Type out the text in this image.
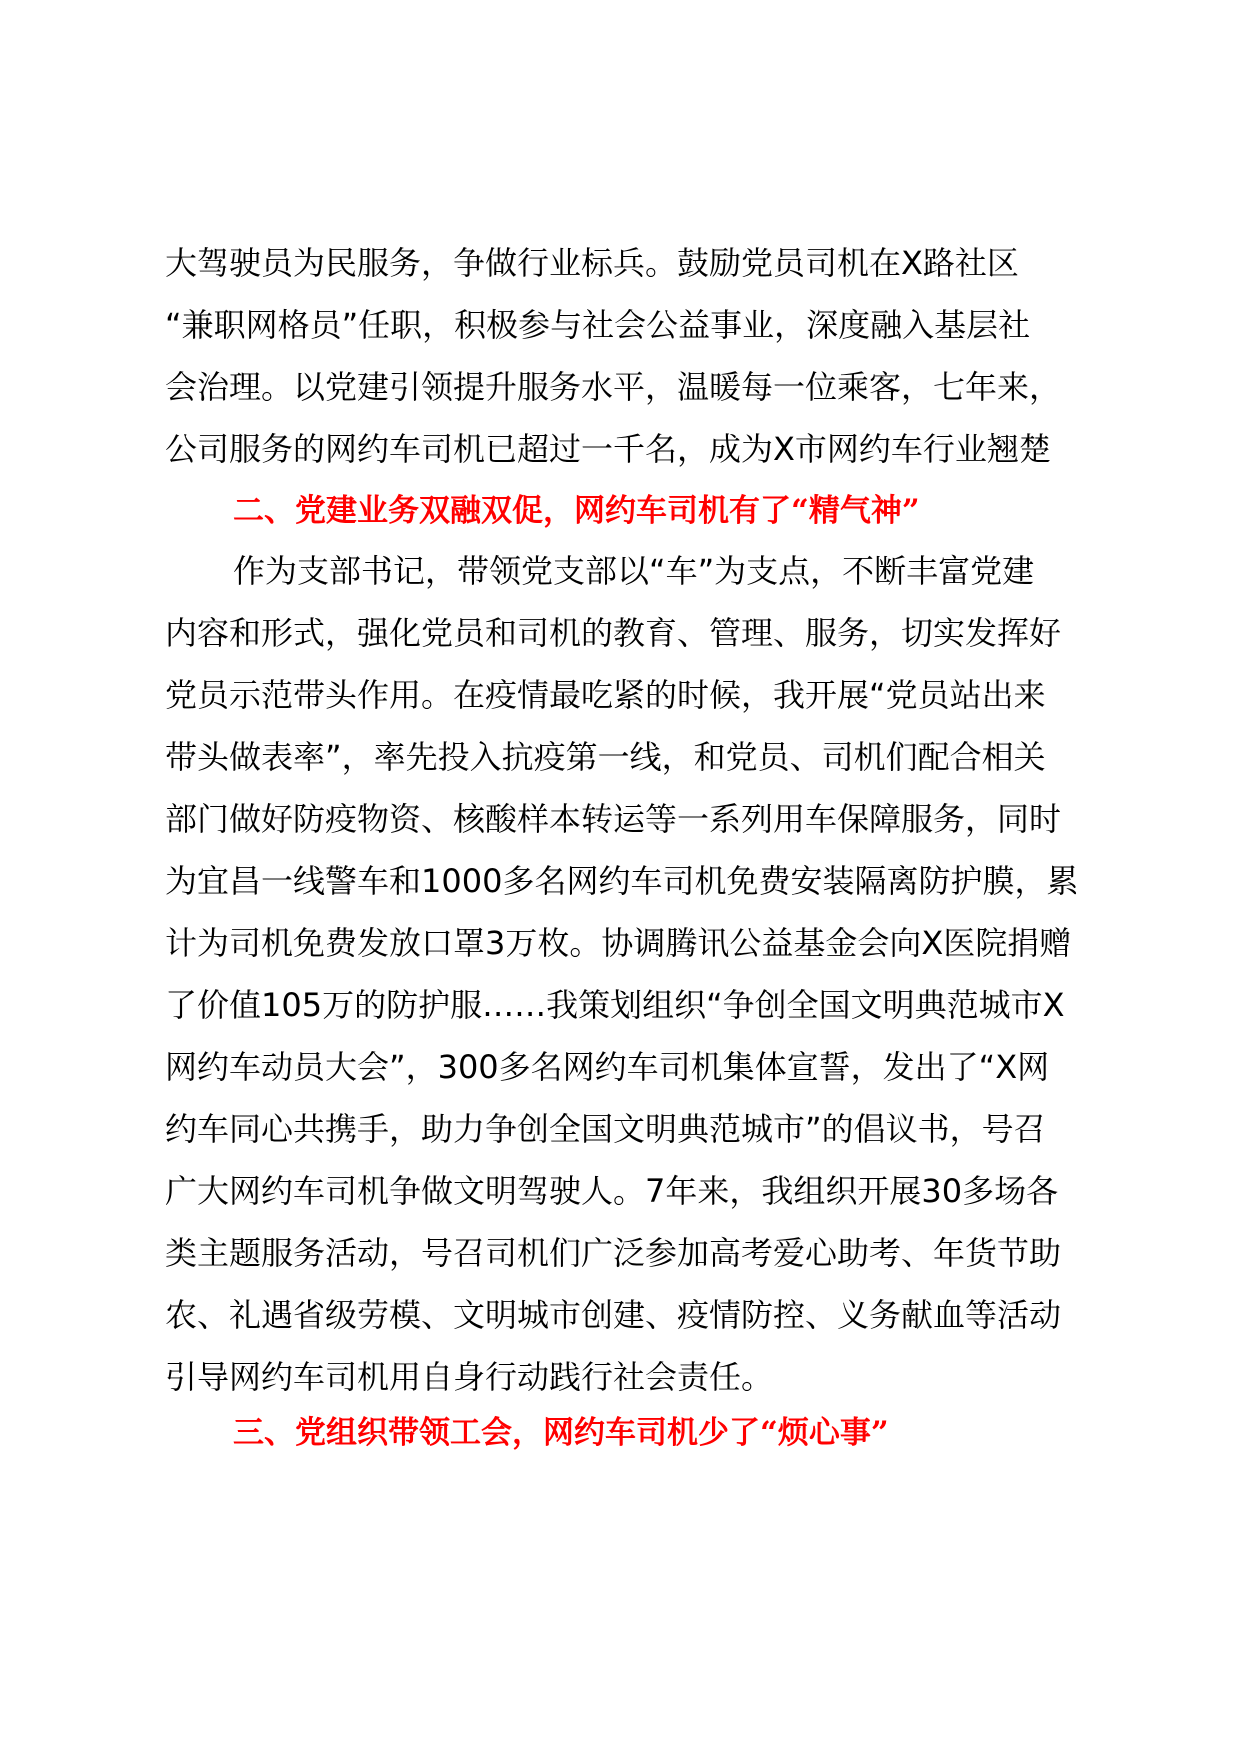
大驾驶员为民服务，争做行业标兵。鼓励党员司机在X路社区
“兼职网格员”任职，积极参与社会公益事业，深度融入基层社
会治理。以党建引领提升服务水平，温暖每一位乘客，七年来，
公司服务的网约车司机已超过一千名，成为X市网约车行业翘楚
二、党建业务双融双促，网约车司机有了“精气神”
作为支部书记，带领党支部以“车”为支点，不断丰富党建
内容和形式，强化党员和司机的教育、管理、服务，切实发挥好
党员示范带头作用。在疫情最吃紧的时候，我开展“党员站出来
带头做表率”，率先投入抗疫第一线，和党员、司机们配合相关
部门做好防疫物资、核酸样本转运等一系列用车保障服务，同时
为宜昌一线警车和1000多名网约车司机免费安装隔离防护膜，累
计为司机免费发放口罩3万枚。协调腾讯公益基金会向X医院捐赠
了价值105万的防护服……我策划组织“争创全国文明典范城市X
网约车动员大会”，300多名网约车司机集体宣誓，发出了“X网
约车同心共携手，助力争创全国文明典范城市”的倡议书，号召
广大网约车司机争做文明驾驶人。7年来，我组织开展30多场各
类主题服务活动，号召司机们广泛参加高考爱心助考、年货节助
农、礼遇省级劳模、文明城市创建、疫情防控、义务献血等活动
引导网约车司机用自身行动践行社会责任。
三、党组织带领工会，网约车司机少了“烦心事”
